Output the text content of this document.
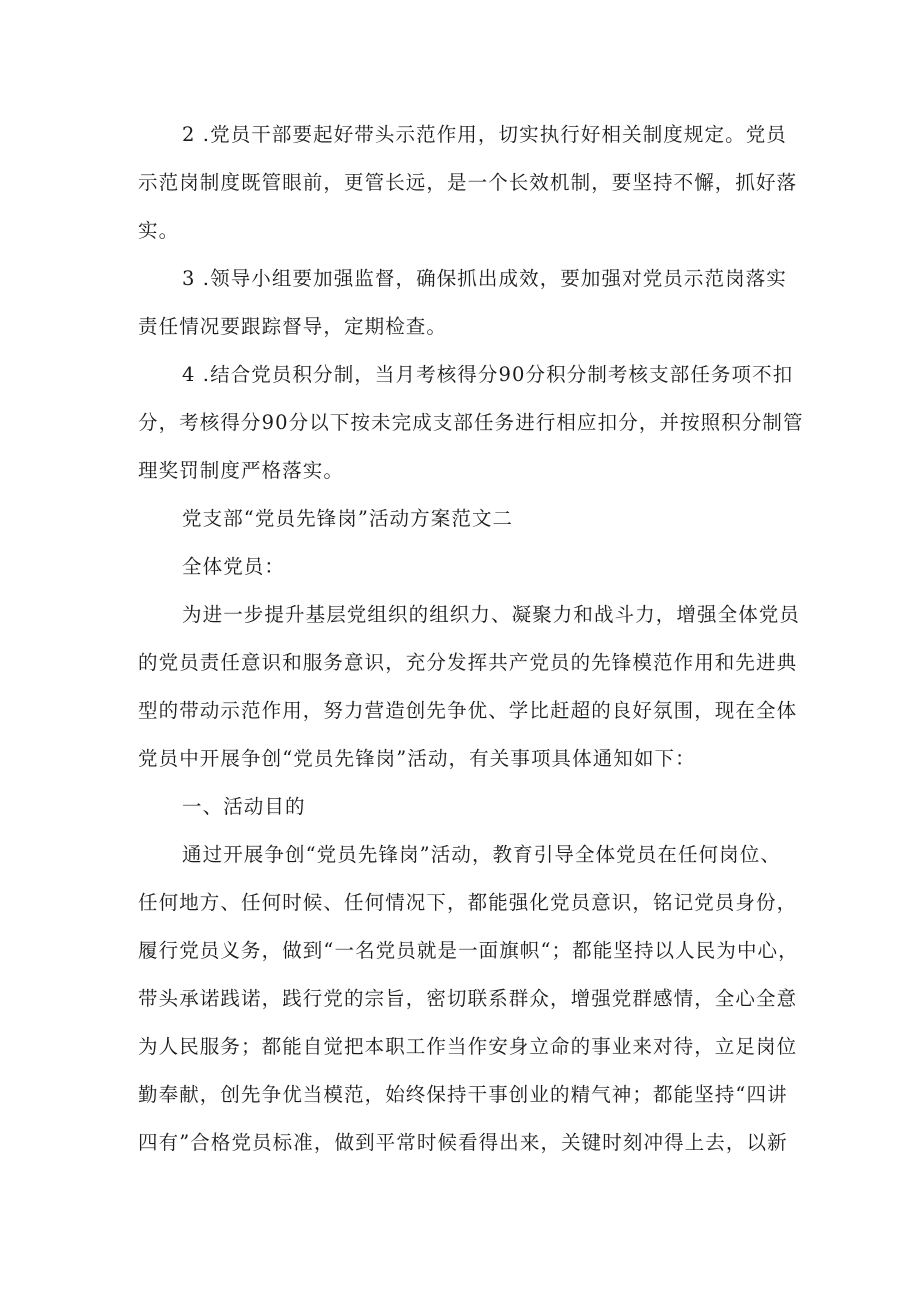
2 .党员干部要起好带头示范作用，切实执行好相关制度规定。党员
示范岗制度既管眼前，更管长远，是一个长效机制，要坚持不懈，抓好落
实。
3 .领导小组要加强监督，确保抓出成效，要加强对党员示范岗落实
责任情况要跟踪督导，定期检查。
4 .结合党员积分制，当月考核得分90分积分制考核支部任务项不扣
分，考核得分90分以下按未完成支部任务进行相应扣分，并按照积分制管
理奖罚制度严格落实。
党支部“党员先锋岗”活动方案范文二
全体党员：
为进一步提升基层党组织的组织力、凝聚力和战斗力，增强全体党员
的党员责任意识和服务意识，充分发挥共产党员的先锋模范作用和先进典
型的带动示范作用，努力营造创先争优、学比赶超的良好氛围，现在全体
党员中开展争创“党员先锋岗”活动，有关事项具体通知如下：
一、活动目的
通过开展争创“党员先锋岗”活动，教育引导全体党员在任何岗位、
任何地方、任何时候、任何情况下，都能强化党员意识，铭记党员身份，
履行党员义务，做到“一名党员就是一面旗帜“；都能坚持以人民为中心，
带头承诺践诺，践行党的宗旨，密切联系群众，增强党群感情，全心全意
为人民服务；都能自觉把本职工作当作安身立命的事业来对待，立足岗位
勤奉献，创先争优当模范，始终保持干事创业的精气神；都能坚持“四讲
四有”合格党员标准，做到平常时候看得出来，关键时刻冲得上去，以新
